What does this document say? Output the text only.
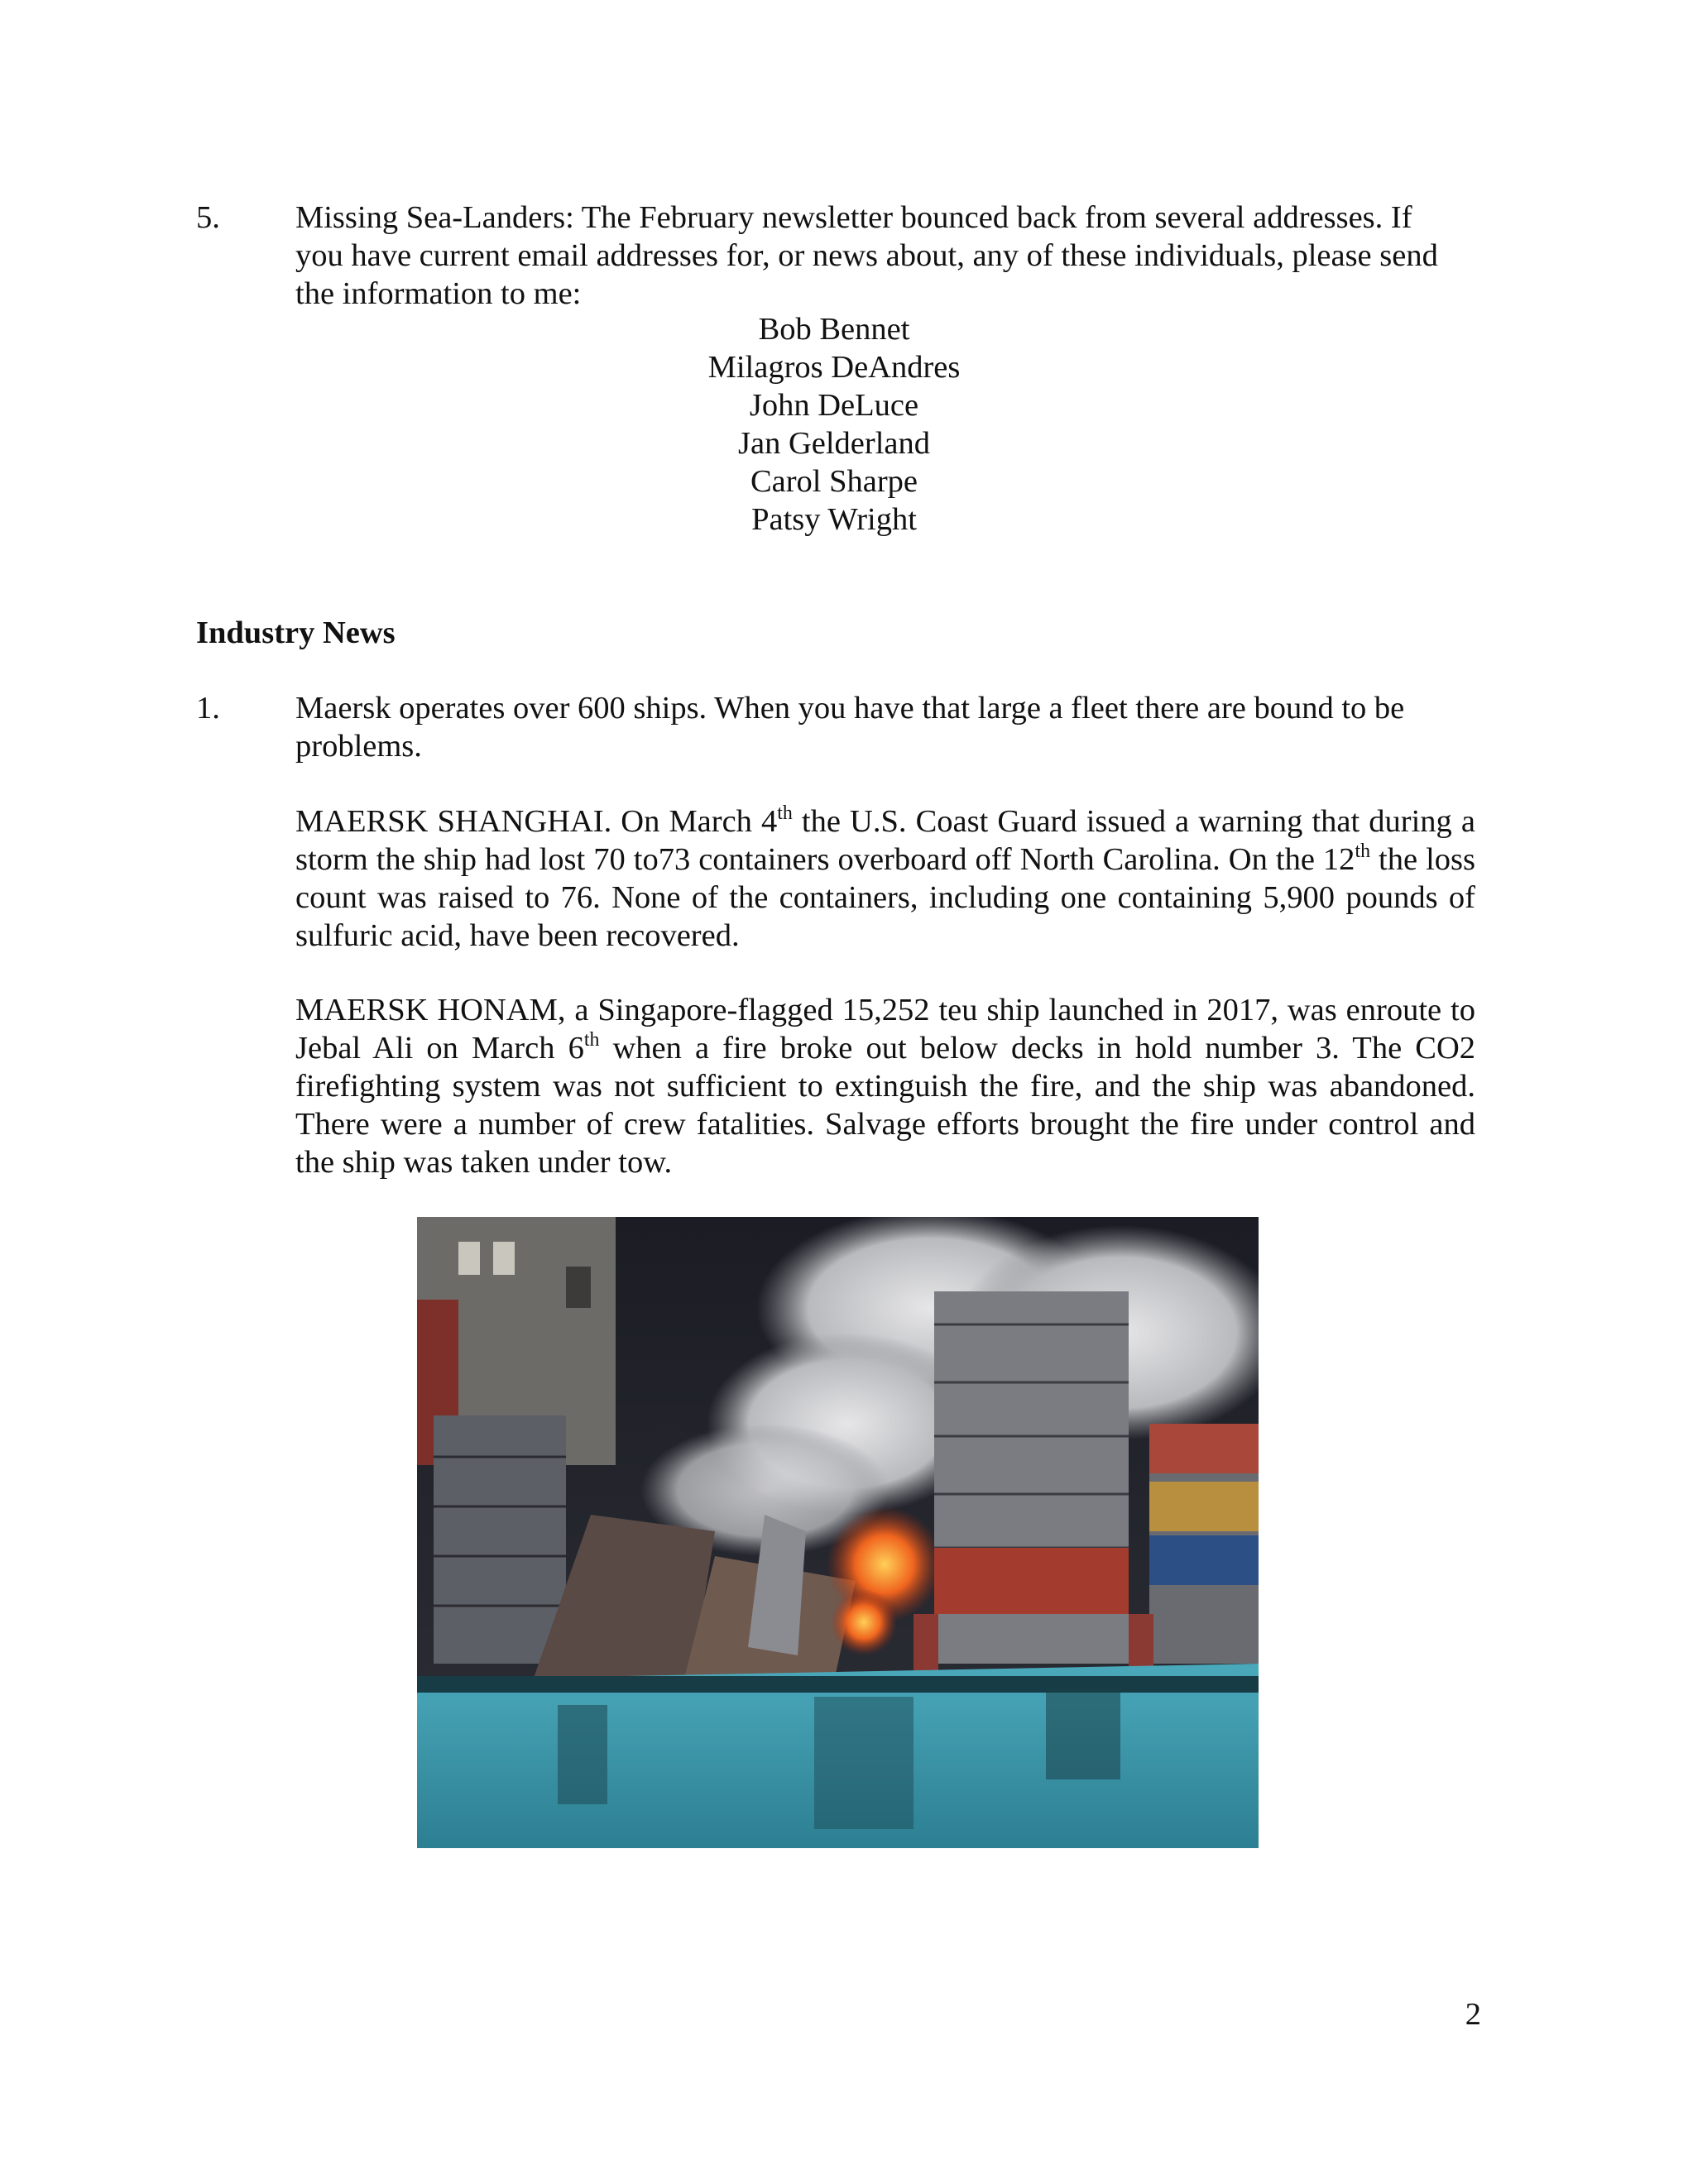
5. Missing Sea-Landers: The February newsletter bounced back from several addresses. If
you have current email addresses for, or news about, any of these individuals, please send
the information to me:
Bob Bennet
Milagros DeAndres
John DeLuce
Jan Gelderland
Carol Sharpe
Patsy Wright
Industry News
1. Maersk operates over 600 ships. When you have that large a fleet there are bound to be
problems.

MAERSK SHANGHAI. On March 4th the U.S. Coast Guard issued a warning that during a storm the ship had lost 70 to73 containers overboard off North Carolina. On the 12th the loss count was raised to 76. None of the containers, including one containing 5,900 pounds of sulfuric acid, have been recovered.

MAERSK HONAM, a Singapore-flagged 15,252 teu ship launched in 2017, was enroute to Jebal Ali on March 6th when a fire broke out below decks in hold number 3. The CO2 firefighting system was not sufficient to extinguish the fire, and the ship was abandoned. There were a number of crew fatalities. Salvage efforts brought the fire under control and the ship was taken under tow.

2
